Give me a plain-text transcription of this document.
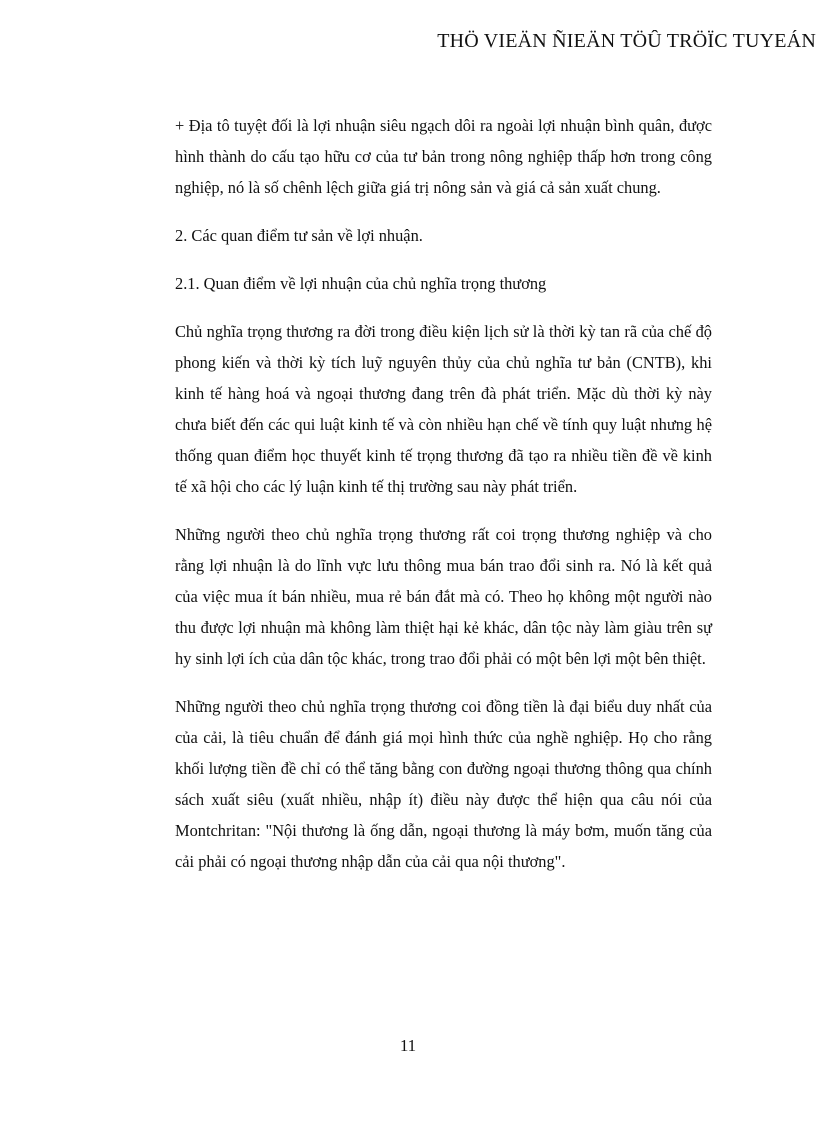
THÖ VIEÄN ÑIEÄN TÖÛ TRÖÏC TUYEÁN

+ Địa tô tuyệt đối là lợi nhuận siêu ngạch dôi ra ngoài lợi nhuận bình quân, được hình thành do cấu tạo hữu cơ của tư bản trong nông nghiệp thấp hơn trong công nghiệp, nó là số chênh lệch giữa giá trị nông sản và giá cả sản xuất chung.

2. Các quan điểm tư sản về lợi nhuận.

2.1. Quan điểm về lợi nhuận của chủ nghĩa trọng thương

Chủ nghĩa trọng thương ra đời trong điều kiện lịch sử là thời kỳ tan rã của chế độ phong kiến và thời kỳ tích luỹ nguyên thủy của chủ nghĩa tư bản (CNTB), khi kinh tế hàng hoá và ngoại thương đang trên đà phát triển. Mặc dù thời kỳ này chưa biết đến các qui luật kinh tế và còn nhiều hạn chế về tính quy luật nhưng hệ thống quan điểm học thuyết kinh tế trọng thương đã tạo ra nhiều tiền đề về kinh tế xã hội cho các lý luận kinh tế thị trường sau này phát triển.

Những người theo chủ nghĩa trọng thương rất coi trọng thương nghiệp và cho rằng lợi nhuận là do lĩnh vực lưu thông mua bán trao đổi sinh ra. Nó là kết quả của việc mua ít bán nhiều, mua rẻ bán đắt mà có. Theo họ không một người nào thu được lợi nhuận mà không làm thiệt hại kẻ khác, dân tộc này làm giàu trên sự hy sinh lợi ích của dân tộc khác, trong trao đổi phải có một bên lợi một bên thiệt.

Những người theo chủ nghĩa trọng thương coi đồng tiền là đại biểu duy nhất của của cải, là tiêu chuẩn để đánh giá mọi hình thức của nghề nghiệp. Họ cho rằng khối lượng tiền đề chỉ có thể tăng bằng con đường ngoại thương thông qua chính sách xuất siêu (xuất nhiều, nhập ít) điều này được thể hiện qua câu nói của Montchritan: "Nội thương là ống dẫn, ngoại thương là máy bơm, muốn tăng của cải phải có ngoại thương nhập dẫn của cải qua nội thương".

11
